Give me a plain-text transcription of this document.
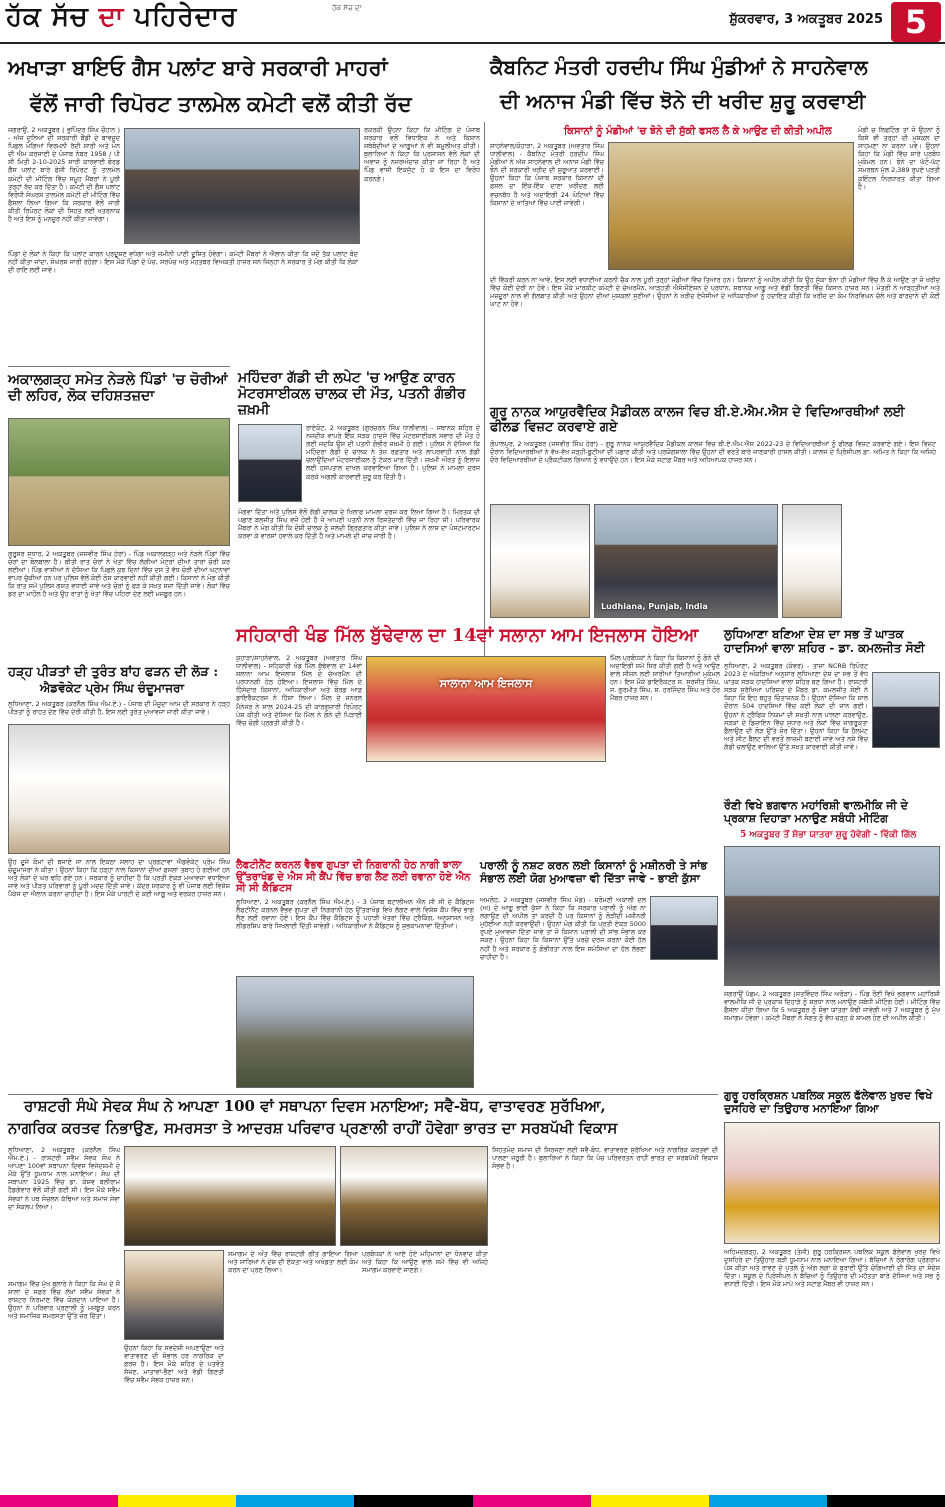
ਹੱਕ ਸੱਚ ਦਾ ਪਹਿਰੇਦਾਰ	ਹੱਕ ਸੱਚ ਦਾ
ਸ਼ੁੱਕਰਵਾਰ, 3 ਅਕਤੂਬਰ 2025 5
ਅਖਾੜਾ ਬਾਇਓ ਗੈਸ ਪਲਾਂਟ ਬਾਰੇ ਸਰਕਾਰੀ ਮਾਹਰਾਂ
ਵੱਲੋਂ ਜਾਰੀ ਰਿਪੋਰਟ ਤਾਲਮੇਲ ਕਮੇਟੀ ਵਲੋਂ ਕੀਤੀ ਰੱਦ
ਜਗਰਾਉਂ, 2 ਅਕਤੂਬਰ ( ਭੁਪਿੰਦਰ ਸਿੰਘ ਚੌਹਾਨ ) - ਅੱਜ ਦੁਨਿਆਂ ਦੀ ਸਰਕਾਰੀ ਬੌਂਡੀ ਦੇ ਬਾਵਜੂਦ ਪਿਛਲ ਮੋਗਿਆਂ ਵਿਰਮਨੀ ਰੱਦੀ ਸਾਰੀ ਅਤੇ ਮੋਨ ਦੀ ਐਮ ਕਰਜ਼ਾਈ ਦੇ ਪੰਜਾਬ ਨੰਬਰ 1958 / ਪੀ ਸੀ ਮਿਤੀ 2-10-2025 ਸਾਰੀ ਕਾਰਵਾਈ ਬੋਰਡ ਗੈਸ ਪਲਾਂਟ ਬਾਰੇ ਫੇਸੀ ਰਿਪੋਰਟ ਨੂੰ ਤਾਲਮੇਲ ਕਮੇਟੀ ਦੀ ਮੀਟਿੰਗ ਵਿੱਚ ਸਮੂਹ ਮੈਂਬਰਾਂ ਨੇ ਪੂਰੀ ਤਰ੍ਹਾਂ ਰੱਦ ਕਰ ਦਿੱਤਾ ਹੈ। ਕਮੇਟੀ ਦੀ ਗੈਸ ਪਲਾਂਟ ਵਿਰੋਧੀ ਸੰਘਰਸ਼ ਤਾਲਮੇਲ ਕਮੇਟੀ ਦੀ ਮੀਟਿੰਗ ਵਿੱਚ ਫੈਸਲਾ ਲਿਆ ਗਿਆ ਕਿ ਸਰਕਾਰ ਵੱਲੋਂ ਜਾਰੀ ਕੀਤੀ ਰਿਪੋਰਟ ਲੋਕਾਂ ਦੀ ਸਿਹਤ ਲਈ ਖਤਰਨਾਕ ਹੈ ਅਤੇ ਇਸ ਨੂੰ ਮਨਜ਼ੂਰ ਨਹੀਂ ਕੀਤਾ ਜਾਵੇਗਾ।
ਰਕਰਕੀ ਉਹਨਾ ਕਿਹਾ ਕਿ ਮੀਟਿੰਗ ਦੇ ਪੰਜਾਬ ਸਰਕਾਰ ਵਲੋਂ ਵਿਧਾਇਕ ਨੇ ਅਤੇ ਕਿਸਾਨ ਜਥੇਬੰਦੀਆਂ ਦੇ ਆਗੂਆਂ ਨੇ ਵੀ ਸ਼ਮੂਲੀਅਤ ਕੀਤੀ। ਬੁਲਾਰਿਆਂ ਨੇ ਕਿਹਾ ਕਿ ਪ੍ਰਸ਼ਾਸਨ ਵੱਲੋਂ ਲੋਕਾਂ ਦੀ ਅਵਾਜ਼ ਨੂੰ ਨਜ਼ਰਅੰਦਾਜ਼ ਕੀਤਾ ਜਾ ਰਿਹਾ ਹੈ ਅਤੇ ਪਿੰਡ ਵਾਸੀ ਇਕਜੁੱਟ ਹੋ ਕੇ ਇਸ ਦਾ ਵਿਰੋਧ ਕਰਨਗੇ।
ਪਿੰਡਾਂ ਦੇ ਲੋਕਾਂ ਨੇ ਕਿਹਾ ਕਿ ਪਲਾਂਟ ਕਾਰਨ ਪ੍ਰਦੂਸ਼ਣ ਵਧੇਗਾ ਅਤੇ ਜ਼ਮੀਨੀ ਪਾਣੀ ਦੂਸ਼ਿਤ ਹੋਵੇਗਾ। ਕਮੇਟੀ ਮੈਂਬਰਾਂ ਨੇ ਐਲਾਨ ਕੀਤਾ ਕਿ ਜਦੋਂ ਤੱਕ ਪਲਾਂਟ ਬੰਦ ਨਹੀਂ ਕੀਤਾ ਜਾਂਦਾ, ਸੰਘਰਸ਼ ਜਾਰੀ ਰਹੇਗਾ। ਇਸ ਮੌਕੇ ਪਿੰਡਾਂ ਦੇ ਪੰਚ, ਸਰਪੰਚ ਅਤੇ ਮੋਹਤਬਰ ਵਿਅਕਤੀ ਹਾਜ਼ਰ ਸਨ ਜਿਨ੍ਹਾਂ ਨੇ ਸਰਕਾਰ ਤੋਂ ਮੰਗ ਕੀਤੀ ਕਿ ਲੋਕਾਂ ਦੀ ਰਾਇ ਲਈ ਜਾਵੇ।
ਮਹਿੰਦਰਾ ਗੱਡੀ ਦੀ ਲਪੇਟ 'ਚ ਆਉਣ ਕਾਰਨ ਮੋਟਰਸਾਈਕਲ ਚਾਲਕ ਦੀ ਮੌਤ, ਪਤਨੀ ਗੰਭੀਰ ਜ਼ਖ਼ਮੀ
ਰਾਏਕੋਟ, 2 ਅਕਤੂਬਰ (ਗੁਰਚਰਨ ਸਿੰਘ ਧਾਲੀਵਾਲ) - ਸਥਾਨਕ ਸ਼ਹਿਰ ਦੇ ਨਜ਼ਦੀਕ ਵਾਪਰੇ ਇੱਕ ਸੜਕ ਹਾਦਸੇ ਵਿੱਚ ਮੋਟਰਸਾਈਕਲ ਸਵਾਰ ਦੀ ਮੌਤ ਹੋ ਗਈ ਜਦਕਿ ਉਸ ਦੀ ਪਤਨੀ ਗੰਭੀਰ ਜ਼ਖ਼ਮੀ ਹੋ ਗਈ। ਪੁਲਿਸ ਨੇ ਦੱਸਿਆ ਕਿ ਮਹਿੰਦਰਾ ਗੱਡੀ ਦੇ ਚਾਲਕ ਨੇ ਤੇਜ਼ ਰਫ਼ਤਾਰ ਅਤੇ ਲਾਪਰਵਾਹੀ ਨਾਲ ਗੱਡੀ ਚਲਾਉਂਦਿਆਂ ਮੋਟਰਸਾਈਕਲ ਨੂੰ ਟੱਕਰ ਮਾਰ ਦਿੱਤੀ। ਜ਼ਖ਼ਮੀ ਔਰਤ ਨੂੰ ਇਲਾਜ ਲਈ ਹਸਪਤਾਲ ਦਾਖਲ ਕਰਵਾਇਆ ਗਿਆ ਹੈ। ਪੁਲਿਸ ਨੇ ਮਾਮਲਾ ਦਰਜ ਕਰਕੇ ਅਗਲੀ ਕਾਰਵਾਈ ਸ਼ੁਰੂ ਕਰ ਦਿੱਤੀ ਹੈ।
ਮੰਗਵਾ ਦਿੱਤਾ ਅਤੇ ਪੁਲਿਸ ਵੱਲੋਂ ਗੱਡੀ ਚਾਲਕ ਦੇ ਖਿਲਾਫ਼ ਮਾਮਲਾ ਦਰਜ ਕਰ ਲਿਆ ਗਿਆ ਹੈ। ਮ੍ਰਿਤਕ ਦੀ ਪਛਾਣ ਬਲਜੀਤ ਸਿੰਘ ਵਜੋਂ ਹੋਈ ਹੈ ਜੋ ਆਪਣੀ ਪਤਨੀ ਨਾਲ ਰਿਸ਼ਤੇਦਾਰੀ ਵਿੱਚ ਜਾ ਰਿਹਾ ਸੀ। ਪਰਿਵਾਰਕ ਮੈਂਬਰਾਂ ਨੇ ਮੰਗ ਕੀਤੀ ਕਿ ਦੋਸ਼ੀ ਚਾਲਕ ਨੂੰ ਜਲਦੀ ਗ੍ਰਿਫ਼ਤਾਰ ਕੀਤਾ ਜਾਵੇ। ਪੁਲਿਸ ਨੇ ਲਾਸ਼ ਦਾ ਪੋਸਟਮਾਰਟਮ ਕਰਵਾ ਕੇ ਵਾਰਸਾਂ ਹਵਾਲੇ ਕਰ ਦਿੱਤੀ ਹੈ ਅਤੇ ਮਾਮਲੇ ਦੀ ਜਾਂਚ ਜਾਰੀ ਹੈ।
ਅਕਾਲਗੜ੍ਹ ਸਮੇਤ ਨੇੜਲੇ ਪਿੰਡਾਂ 'ਚ ਚੋਰੀਆਂ ਦੀ ਲਹਿਰ, ਲੋਕ ਦਹਿਸ਼ਤਜ਼ਦਾ
ਗੁਰੂਸਰ ਸੁਧਾਰ, 2 ਅਕਤੂਬਰ (ਜਸਵੀਰ ਸਿੰਘ ਹੇਰਾਂ) - ਪਿੰਡ ਅਕਾਲਗੜ੍ਹ ਅਤੇ ਨੇੜਲੇ ਪਿੰਡਾਂ ਵਿੱਚ ਚੋਰਾਂ ਦਾ ਬੋਲਬਾਲਾ ਹੈ। ਬੀਤੀ ਰਾਤ ਚੋਰਾਂ ਨੇ ਖੇਤਾਂ ਵਿੱਚ ਲੱਗੀਆਂ ਮੋਟਰਾਂ ਦੀਆਂ ਤਾਰਾਂ ਚੋਰੀ ਕਰ ਲਈਆਂ। ਪਿੰਡ ਵਾਸੀਆਂ ਨੇ ਦੱਸਿਆ ਕਿ ਪਿਛਲੇ ਕੁਝ ਦਿਨਾਂ ਵਿੱਚ ਦਸ ਤੋਂ ਵੱਧ ਚੋਰੀ ਦੀਆਂ ਘਟਨਾਵਾਂ ਵਾਪਰ ਚੁੱਕੀਆਂ ਹਨ ਪਰ ਪੁਲਿਸ ਵੱਲੋਂ ਕੋਈ ਠੋਸ ਕਾਰਵਾਈ ਨਹੀਂ ਕੀਤੀ ਗਈ। ਕਿਸਾਨਾਂ ਨੇ ਮੰਗ ਕੀਤੀ ਕਿ ਰਾਤ ਸਮੇਂ ਪੁਲਿਸ ਗਸ਼ਤ ਵਧਾਈ ਜਾਵੇ ਅਤੇ ਚੋਰਾਂ ਨੂੰ ਫੜ ਕੇ ਸਖ਼ਤ ਸਜ਼ਾ ਦਿੱਤੀ ਜਾਵੇ। ਲੋਕਾਂ ਵਿੱਚ ਡਰ ਦਾ ਮਾਹੌਲ ਹੈ ਅਤੇ ਉਹ ਰਾਤਾਂ ਨੂੰ ਖੇਤਾਂ ਵਿੱਚ ਪਹਿਰਾ ਦੇਣ ਲਈ ਮਜਬੂਰ ਹਨ।
ਹੜ੍ਹ ਪੀੜਤਾਂ ਦੀ ਤੁਰੰਤ ਬਾਂਹ ਫੜਨ ਦੀ ਲੋੜ :
ਐਡਵੋਕੇਟ ਪ੍ਰੇਮ ਸਿੰਘ ਚੰਦੂਮਾਜਰਾ
ਲੁਧਿਆਣਾ, 2 ਅਕਤੂਬਰ (ਕਰਨੈਲ ਸਿੰਘ ਐਮ.ਏ.) - ਪੰਜਾਬ ਦੀ ਮੌਜੂਦਾ ਆਮ ਦੀ ਸਰਕਾਰ ਨੇ ਹੜ੍ਹ ਪੀੜਤਾਂ ਨੂੰ ਰਾਹਤ ਦੇਣ ਵਿੱਚ ਦੇਰੀ ਕੀਤੀ ਹੈ, ਇਸ ਲਈ ਤੁਰੰਤ ਮੁਆਵਜ਼ਾ ਜਾਰੀ ਕੀਤਾ ਜਾਵੇ।
ਉਹ ਦੂਜੇ ਕੰਮਾਂ ਦੀ ਬਜਾਏ ਜਾ ਨਾਲ ਇਕਠਾ ਸਲਾਹ ਦਾ ਪ੍ਰਗਟਾਵਾ ਐਡਵੋਕੇਟ ਪ੍ਰੇਮ ਸਿੰਘ ਚੰਦੂਮਾਜਰਾ ਨੇ ਕੀਤਾ। ਉਹਨਾਂ ਕਿਹਾ ਕਿ ਹੜ੍ਹਾਂ ਨਾਲ ਕਿਸਾਨਾਂ ਦੀਆਂ ਫਸਲਾਂ ਤਬਾਹ ਹੋ ਗਈਆਂ ਹਨ ਅਤੇ ਲੋਕਾਂ ਦੇ ਘਰ ਢਹਿ ਗਏ ਹਨ। ਸਰਕਾਰ ਨੂੰ ਚਾਹੀਦਾ ਹੈ ਕਿ ਪ੍ਰਤੀ ਏਕੜ ਮੁਆਵਜ਼ਾ ਵਧਾਇਆ ਜਾਵੇ ਅਤੇ ਪੀੜਤ ਪਰਿਵਾਰਾਂ ਨੂੰ ਪੂਰੀ ਮਦਦ ਦਿੱਤੀ ਜਾਵੇ। ਕੇਂਦਰ ਸਰਕਾਰ ਨੂੰ ਵੀ ਪੰਜਾਬ ਲਈ ਵਿਸ਼ੇਸ਼ ਪੈਕੇਜ ਦਾ ਐਲਾਨ ਕਰਨਾ ਚਾਹੀਦਾ ਹੈ। ਇਸ ਮੌਕੇ ਪਾਰਟੀ ਦੇ ਕਈ ਆਗੂ ਅਤੇ ਵਰਕਰ ਹਾਜ਼ਰ ਸਨ।
ਕੈਬਨਿਟ ਮੰਤਰੀ ਹਰਦੀਪ ਸਿੰਘ ਮੁੰਡੀਆਂ ਨੇ ਸਾਹਨੇਵਾਲ
ਦੀ ਅਨਾਜ ਮੰਡੀ ਵਿੱਚ ਝੋਨੇ ਦੀ ਖਰੀਦ ਸ਼ੁਰੂ ਕਰਵਾਈ
ਕਿਸਾਨਾਂ ਨੂੰ ਮੰਡੀਆਂ 'ਚ ਝੋਨੇ ਦੀ ਸੁੱਕੀ ਫਸਲ ਲੈ ਕੇ ਆਉਣ ਦੀ ਕੀਤੀ ਅਪੀਲ
ਸਾਹਨੇਵਾਲ/ਕੋਹਾੜਾ, 2 ਅਕਤੂਬਰ (ਅਵਤਾਰ ਸਿੰਘ ਧਾਲੀਵਾਲ) - ਕੈਬਨਿਟ ਮੰਤਰੀ ਹਰਦੀਪ ਸਿੰਘ ਮੁੰਡੀਆਂ ਨੇ ਅੱਜ ਸਾਹਨੇਵਾਲ ਦੀ ਅਨਾਜ ਮੰਡੀ ਵਿੱਚ ਝੋਨੇ ਦੀ ਸਰਕਾਰੀ ਖਰੀਦ ਦੀ ਸ਼ੁਰੂਆਤ ਕਰਵਾਈ। ਉਹਨਾਂ ਕਿਹਾ ਕਿ ਪੰਜਾਬ ਸਰਕਾਰ ਕਿਸਾਨਾਂ ਦੀ ਫਸਲ ਦਾ ਇੱਕ-ਇੱਕ ਦਾਣਾ ਖਰੀਦਣ ਲਈ ਵਚਨਬੱਧ ਹੈ ਅਤੇ ਅਦਾਇਗੀ 24 ਘੰਟਿਆਂ ਵਿੱਚ ਕਿਸਾਨਾਂ ਦੇ ਖਾਤਿਆਂ ਵਿੱਚ ਪਾਈ ਜਾਵੇਗੀ।
ਮੰਡੀ ਚ ਲਿਫਟਿੰਗ ਤਾਂ ਜੋ ਉਹਨਾਂ ਨੂੰ ਕਿਸੇ ਵੀ ਤਰ੍ਹਾਂ ਦੀ ਮੁਸ਼ਕਲ ਦਾ ਸਾਹਮਣਾ ਨਾ ਕਰਨਾ ਪਵੇ। ਉਹਨਾਂ ਕਿਹਾ ਕਿ ਮੰਡੀ ਵਿੱਚ ਸਾਰੇ ਪ੍ਰਬੰਧ ਮੁਕੰਮਲ ਹਨ। ਝੋਨੇ ਦਾ ਘੱਟੋ-ਘੱਟ ਸਮਰਥਨ ਮੁੱਲ 2,389 ਰੁਪਏ ਪ੍ਰਤੀ ਕੁਇੰਟਲ ਨਿਰਧਾਰਤ ਕੀਤਾ ਗਿਆ ਹੈ।
ਦੀ ਵਿੱਕਰੀ ਕਰਨ ਨਾ ਆਵੇ, ਇਸ ਲਈ ਵਧਾਈਆਂ ਕਰਨੀ ਚੈਕ ਨਾਲ ਪੂਰੀ ਤਰ੍ਹਾਂ ਮੰਡੀਆਂ ਵਿੱਚ ਤਿਆਰ ਹਨ। ਕਿਸਾਨਾਂ ਨੂੰ ਅਪੀਲ ਕੀਤੀ ਕਿ ਉਹ ਸੁੱਕਾ ਝੋਨਾ ਹੀ ਮੰਡੀਆਂ ਵਿੱਚ ਲੈ ਕੇ ਆਉਣ ਤਾਂ ਜੋ ਖਰੀਦ ਵਿੱਚ ਕੋਈ ਦੇਰੀ ਨਾ ਹੋਵੇ। ਇਸ ਮੌਕੇ ਮਾਰਕੀਟ ਕਮੇਟੀ ਦੇ ਚੇਅਰਮੈਨ, ਆੜ੍ਹਤੀ ਐਸੋਸੀਏਸ਼ਨ ਦੇ ਪ੍ਰਧਾਨ, ਸਥਾਨਕ ਆਗੂ ਅਤੇ ਵੱਡੀ ਗਿਣਤੀ ਵਿੱਚ ਕਿਸਾਨ ਹਾਜ਼ਰ ਸਨ। ਮੰਤਰੀ ਨੇ ਆੜ੍ਹਤੀਆਂ ਅਤੇ ਮਜ਼ਦੂਰਾਂ ਨਾਲ ਵੀ ਗੱਲਬਾਤ ਕੀਤੀ ਅਤੇ ਉਹਨਾਂ ਦੀਆਂ ਮੁਸ਼ਕਲਾਂ ਸੁਣੀਆਂ। ਉਹਨਾਂ ਨੇ ਖਰੀਦ ਏਜੰਸੀਆਂ ਦੇ ਅਧਿਕਾਰੀਆਂ ਨੂੰ ਹਦਾਇਤ ਕੀਤੀ ਕਿ ਖਰੀਦ ਦਾ ਕੰਮ ਨਿਰਵਿਘਨ ਚੱਲੇ ਅਤੇ ਬਾਰਦਾਨੇ ਦੀ ਕੋਈ ਘਾਟ ਨਾ ਹੋਵੇ।
ਗੁਰੂ ਨਾਨਕ ਆਯੁਰਵੈਦਿਕ ਮੈਡੀਕਲ ਕਾਲਜ ਵਿਚ ਬੀ.ਏ.ਐਮ.ਐਸ ਦੇ ਵਿਦਿਆਰਥੀਆਂ ਲਈ ਫੀਲਡ ਵਿਜ਼ਟ ਕਰਵਾਏ ਗਏ
ਗੋਪਾਲਪੁਰ, 2 ਅਕਤੂਬਰ (ਜਸਵੀਰ ਸਿੰਘ ਹੇਰਾਂ) - ਗੁਰੂ ਨਾਨਕ ਆਯੁਰਵੈਦਿਕ ਮੈਡੀਕਲ ਕਾਲਜ ਵਿਚ ਬੀ.ਏ.ਐਮ.ਐਸ 2022-23 ਦੇ ਵਿਦਿਆਰਥੀਆਂ ਨੂੰ ਫੀਲਡ ਵਿਜ਼ਟ ਕਰਵਾਏ ਗਏ। ਇਸ ਵਿਜ਼ਟ ਦੌਰਾਨ ਵਿਦਿਆਰਥੀਆਂ ਨੇ ਵੱਖ-ਵੱਖ ਜੜ੍ਹੀ-ਬੂਟੀਆਂ ਦੀ ਪਛਾਣ ਕੀਤੀ ਅਤੇ ਪ੍ਰਯੋਗਸ਼ਾਲਾ ਵਿੱਚ ਉਹਨਾਂ ਦੀ ਵਰਤੋਂ ਬਾਰੇ ਜਾਣਕਾਰੀ ਹਾਸਲ ਕੀਤੀ। ਕਾਲਜ ਦੇ ਪ੍ਰਿੰਸੀਪਲ ਡਾ. ਅਮਿਤ ਨੇ ਕਿਹਾ ਕਿ ਅਜਿਹੇ ਦੌਰੇ ਵਿਦਿਆਰਥੀਆਂ ਦੇ ਪ੍ਰੈਕਟੀਕਲ ਗਿਆਨ ਨੂੰ ਵਧਾਉਂਦੇ ਹਨ। ਇਸ ਮੌਕੇ ਸਟਾਫ਼ ਮੈਂਬਰ ਅਤੇ ਅਧਿਆਪਕ ਹਾਜ਼ਰ ਸਨ।
Ludhiana, Punjab, India
ਲੁਧਿਆਣਾ ਬਣਿਆ ਦੇਸ਼ ਦਾ ਸਭ ਤੋਂ ਘਾਤਕ ਹਾਦਸਿਆਂ ਵਾਲਾ ਸ਼ਹਿਰ - ਡਾ. ਕਮਲਜੀਤ ਸੋਈ
ਲੁਧਿਆਣਾ, 2 ਅਕਤੂਬਰ (ਕੰਵਰ) - ਤਾਜ਼ਾ NCRB ਰਿਪੋਰਟ 2023 ਦੇ ਅੰਕੜਿਆਂ ਅਨੁਸਾਰ ਲੁਧਿਆਣਾ ਦੇਸ਼ ਦਾ ਸਭ ਤੋਂ ਵੱਧ ਘਾਤਕ ਸੜਕ ਹਾਦਸਿਆਂ ਵਾਲਾ ਸ਼ਹਿਰ ਬਣ ਗਿਆ ਹੈ। ਰਾਸ਼ਟਰੀ ਸੜਕ ਸੁਰੱਖਿਆ ਪਰਿਸ਼ਦ ਦੇ ਮੈਂਬਰ ਡਾ. ਕਮਲਜੀਤ ਸੋਈ ਨੇ ਕਿਹਾ ਕਿ ਇਹ ਬਹੁਤ ਚਿੰਤਾਜਨਕ ਹੈ। ਉਹਨਾਂ ਦੱਸਿਆ ਕਿ ਸਾਲ ਦੌਰਾਨ 504 ਹਾਦਸਿਆਂ ਵਿੱਚ ਕਈ ਲੋਕਾਂ ਦੀ ਜਾਨ ਗਈ। ਉਹਨਾਂ ਨੇ ਟ੍ਰੈਫਿਕ ਨਿਯਮਾਂ ਦੀ ਸਖ਼ਤੀ ਨਾਲ ਪਾਲਣਾ ਕਰਵਾਉਣ, ਸੜਕਾਂ ਦੇ ਡਿਜ਼ਾਇਨ ਵਿੱਚ ਸੁਧਾਰ ਅਤੇ ਲੋਕਾਂ ਵਿੱਚ ਜਾਗਰੂਕਤਾ ਫੈਲਾਉਣ ਦੀ ਲੋੜ ਉੱਤੇ ਜ਼ੋਰ ਦਿੱਤਾ। ਉਹਨਾਂ ਕਿਹਾ ਕਿ ਹੈਲਮੇਟ ਅਤੇ ਸੀਟ ਬੈਲਟ ਦੀ ਵਰਤੋਂ ਲਾਜ਼ਮੀ ਬਣਾਈ ਜਾਵੇ ਅਤੇ ਨਸ਼ੇ ਵਿੱਚ ਗੱਡੀ ਚਲਾਉਣ ਵਾਲਿਆਂ ਉੱਤੇ ਸਖ਼ਤ ਕਾਰਵਾਈ ਕੀਤੀ ਜਾਵੇ।
ਸਹਿਕਾਰੀ ਖੰਡ ਮਿੱਲ ਬੁੱਢੇਵਾਲ ਦਾ 14ਵਾਂ ਸਲਾਨਾ ਆਮ ਇਜਲਾਸ ਹੋਇਆ
ਕੁਹਾੜਾ/ਸਾਹਨੇਵਾਲ, 2 ਅਕਤੂਬਰ (ਅਵਤਾਰ ਸਿੰਘ ਧਾਲੀਵਾਲ) - ਸਹਿਕਾਰੀ ਖੰਡ ਮਿੱਲ ਬੁੱਢੇਵਾਲ ਦਾ 14ਵਾਂ ਸਲਾਨਾ ਆਮ ਇਜਲਾਸ ਮਿੱਲ ਦੇ ਚੇਅਰਮੈਨ ਦੀ ਪ੍ਰਧਾਨਗੀ ਹੇਠ ਹੋਇਆ। ਇਜਲਾਸ ਵਿੱਚ ਮਿੱਲ ਦੇ ਹਿੱਸੇਦਾਰ ਕਿਸਾਨਾਂ, ਅਧਿਕਾਰੀਆਂ ਅਤੇ ਬੋਰਡ ਆਫ਼ ਡਾਇਰੈਕਟਰਜ਼ ਨੇ ਹਿੱਸਾ ਲਿਆ। ਮਿੱਲ ਦੇ ਜਨਰਲ ਮੈਨੇਜਰ ਨੇ ਸਾਲ 2024-25 ਦੀ ਕਾਰਗੁਜ਼ਾਰੀ ਰਿਪੋਰਟ ਪੇਸ਼ ਕੀਤੀ ਅਤੇ ਦੱਸਿਆ ਕਿ ਮਿੱਲ ਨੇ ਗੰਨੇ ਦੀ ਪਿੜਾਈ ਵਿੱਚ ਚੰਗੀ ਪ੍ਰਗਤੀ ਕੀਤੀ ਹੈ।
ਸਾਲਾਨਾ ਆਮ ਇਜਲਾਸ
ਮਿੱਲ ਪ੍ਰਬੰਧਕਾਂ ਨੇ ਕਿਹਾ ਕਿ ਕਿਸਾਨਾਂ ਨੂੰ ਗੰਨੇ ਦੀ ਅਦਾਇਗੀ ਸਮੇਂ ਸਿਰ ਕੀਤੀ ਗਈ ਹੈ ਅਤੇ ਆਉਣ ਵਾਲੇ ਸੀਜ਼ਨ ਲਈ ਸਾਰੀਆਂ ਤਿਆਰੀਆਂ ਮੁਕੰਮਲ ਹਨ। ਇਸ ਮੌਕੇ ਡਾਇਰੈਕਟਰ ਸ. ਸੁਰਜੀਤ ਸਿੰਘ, ਸ. ਗੁਰਮੀਤ ਸਿੰਘ, ਸ. ਹਰਜਿੰਦਰ ਸਿੰਘ ਅਤੇ ਹੋਰ ਮੈਂਬਰ ਹਾਜ਼ਰ ਸਨ।
ਰੌਣੀ ਵਿਖੇ ਭਗਵਾਨ ਮਹਾਂਰਿਸ਼ੀ ਵਾਲਮੀਕਿ ਜੀ ਦੇ ਪ੍ਰਕਾਸ਼ ਦਿਹਾੜਾ ਮਨਾਉਣ ਸਬੰਧੀ ਮੀਟਿੰਗ
5 ਅਕਤੂਬਰ ਤੋਂ ਸ਼ੋਭਾ ਯਾਤਰਾ ਸ਼ੁਰੂ ਹੋਵੇਗੀ - ਵਿੱਕੀ ਗਿੱਲ
ਜਗਰਾਉਂ ਪੱਛਮ, 2 ਅਕਤੂਬਰ (ਸਤਵਿੰਦਰ ਸਿੰਘ ਅਰੋੜਾ) - ਪਿੰਡ ਰੌਣੀ ਵਿਖੇ ਭਗਵਾਨ ਮਹਾਂਰਿਸ਼ੀ ਵਾਲਮੀਕਿ ਜੀ ਦੇ ਪ੍ਰਕਾਸ਼ ਦਿਹਾੜੇ ਨੂੰ ਸ਼ਰਧਾ ਨਾਲ ਮਨਾਉਣ ਸਬੰਧੀ ਮੀਟਿੰਗ ਹੋਈ। ਮੀਟਿੰਗ ਵਿੱਚ ਫੈਸਲਾ ਕੀਤਾ ਗਿਆ ਕਿ 5 ਅਕਤੂਬਰ ਨੂੰ ਸ਼ੋਭਾ ਯਾਤਰਾ ਕੱਢੀ ਜਾਵੇਗੀ ਅਤੇ 7 ਅਕਤੂਬਰ ਨੂੰ ਮੁੱਖ ਸਮਾਗਮ ਹੋਵੇਗਾ। ਕਮੇਟੀ ਮੈਂਬਰਾਂ ਨੇ ਸੰਗਤ ਨੂੰ ਵੱਧ ਚੜ੍ਹ ਕੇ ਸ਼ਾਮਲ ਹੋਣ ਦੀ ਅਪੀਲ ਕੀਤੀ।
ਲੈਫਟੀਨੈਂਟ ਕਰਨਲ ਵੈਭਵ ਗੁਪਤਾ ਦੀ ਨਿਗਰਾਨੀ ਹੇਠ ਨਾਗੀ ਝਾਲਾ ਉੱਤਰਾਖੰਡ ਦੇ ਐਸ ਸੀ ਕੈਂਪ ਵਿੱਚ ਭਾਗ ਲੈਣ ਲਈ ਰਵਾਨਾ ਹੋਏ ਐਨ ਸੀ ਸੀ ਕੈਡਿਟਸ
ਲੁਧਿਆਣਾ, 2 ਅਕਤੂਬਰ (ਕਰਨੈਲ ਸਿੰਘ ਐਮ.ਏ.) - 3 ਪੰਜਾਬ ਬਟਾਲੀਅਨ ਐਨ ਸੀ ਸੀ ਦੇ ਕੈਡਿਟਸ ਲੈਫਟੀਨੈਂਟ ਕਰਨਲ ਵੈਭਵ ਗੁਪਤਾ ਦੀ ਨਿਗਰਾਨੀ ਹੇਠ ਉੱਤਰਾਖੰਡ ਵਿਖੇ ਲੱਗਣ ਵਾਲੇ ਵਿਸ਼ੇਸ਼ ਕੈਂਪ ਵਿੱਚ ਭਾਗ ਲੈਣ ਲਈ ਰਵਾਨਾ ਹੋਏ। ਇਸ ਕੈਂਪ ਵਿੱਚ ਕੈਡਿਟਸ ਨੂੰ ਪਹਾੜੀ ਖੇਤਰਾਂ ਵਿੱਚ ਟ੍ਰੈਕਿੰਗ, ਅਨੁਸ਼ਾਸਨ ਅਤੇ ਲੀਡਰਸ਼ਿਪ ਬਾਰੇ ਸਿਖਲਾਈ ਦਿੱਤੀ ਜਾਵੇਗੀ। ਅਧਿਕਾਰੀਆਂ ਨੇ ਕੈਡਿਟਸ ਨੂੰ ਸ਼ੁਭਕਾਮਨਾਵਾਂ ਦਿੱਤੀਆਂ।
ਪਰਾਲੀ ਨੂੰ ਨਸ਼ਟ ਕਰਨ ਲਈ ਕਿਸਾਨਾਂ ਨੂੰ ਮਸ਼ੀਨਰੀ ਤੇ ਸਾਂਭ ਸੰਭਾਲ ਲਈ ਯੋਗ ਮੁਆਵਜ਼ਾ ਵੀ ਦਿੱਤਾ ਜਾਵੇ - ਭਾਈ ਕੁੱਸਾ
ਅਮਲੋਹ, 2 ਅਕਤੂਬਰ (ਜਸਵੀਰ ਸਿੰਘ ਮੰਡ) - ਸ਼੍ਰੋਮਣੀ ਅਕਾਲੀ ਦਲ (ਅ) ਦੇ ਆਗੂ ਭਾਈ ਕੁੱਸਾ ਨੇ ਕਿਹਾ ਕਿ ਸਰਕਾਰ ਪਰਾਲੀ ਨੂੰ ਅੱਗ ਨਾ ਲਗਾਉਣ ਦੀ ਅਪੀਲ ਤਾਂ ਕਰਦੀ ਹੈ ਪਰ ਕਿਸਾਨਾਂ ਨੂੰ ਲੋੜੀਂਦੀ ਮਸ਼ੀਨਰੀ ਮੁਹੱਈਆ ਨਹੀਂ ਕਰਵਾਉਂਦੀ। ਉਹਨਾਂ ਮੰਗ ਕੀਤੀ ਕਿ ਪ੍ਰਤੀ ਏਕੜ 5000 ਰੁਪਏ ਮੁਆਵਜ਼ਾ ਦਿੱਤਾ ਜਾਵੇ ਤਾਂ ਜੋ ਕਿਸਾਨ ਪਰਾਲੀ ਦੀ ਸਾਂਭ ਸੰਭਾਲ ਕਰ ਸਕਣ। ਉਹਨਾਂ ਕਿਹਾ ਕਿ ਕਿਸਾਨਾਂ ਉੱਤੇ ਪਰਚੇ ਦਰਜ ਕਰਨਾ ਕੋਈ ਹੱਲ ਨਹੀਂ ਹੈ ਅਤੇ ਸਰਕਾਰ ਨੂੰ ਗੰਭੀਰਤਾ ਨਾਲ ਇਸ ਸਮੱਸਿਆ ਦਾ ਹੱਲ ਲੱਭਣਾ ਚਾਹੀਦਾ ਹੈ।
ਗੁਰੂ ਹਰਕ੍ਰਿਸ਼ਨ ਪਬਲਿਕ ਸਕੂਲ ਫੱਲੇਵਾਲ ਖੁਰਦ ਵਿਖੇ ਦੁਸਹਿਰੇ ਦਾ ਤਿਉਹਾਰ ਮਨਾਇਆ ਗਿਆ
ਅਹਿਮਦਗੜ੍ਹ, 2 ਅਕਤੂਬਰ (ਤੇਜੀ) ਗੁਰੂ ਹਰਕ੍ਰਿਸ਼ਨ ਪਬਲਿਕ ਸਕੂਲ ਫੱਲੇਵਾਲ ਖੁਰਦ ਵਿਖੇ ਦੁਸਹਿਰੇ ਦਾ ਤਿਉਹਾਰ ਬੜੀ ਧੂਮਧਾਮ ਨਾਲ ਮਨਾਇਆ ਗਿਆ। ਬੱਚਿਆਂ ਨੇ ਰੰਗਾਰੰਗ ਪ੍ਰੋਗਰਾਮ ਪੇਸ਼ ਕੀਤਾ ਅਤੇ ਰਾਵਣ ਦੇ ਪੁਤਲੇ ਨੂੰ ਅੱਗ ਲਗਾ ਕੇ ਬੁਰਾਈ ਉੱਤੇ ਚੰਗਿਆਈ ਦੀ ਜਿੱਤ ਦਾ ਸੰਦੇਸ਼ ਦਿੱਤਾ। ਸਕੂਲ ਦੇ ਪ੍ਰਿੰਸੀਪਲ ਨੇ ਬੱਚਿਆਂ ਨੂੰ ਤਿਉਹਾਰ ਦੀ ਮਹੱਤਤਾ ਬਾਰੇ ਦੱਸਿਆ ਅਤੇ ਸਭ ਨੂੰ ਵਧਾਈ ਦਿੱਤੀ। ਇਸ ਮੌਕੇ ਮਾਪੇ ਅਤੇ ਸਟਾਫ਼ ਮੈਂਬਰ ਵੀ ਹਾਜ਼ਰ ਸਨ।
ਰਾਸ਼ਟਰੀ ਸੰਘੇ ਸੇਵਕ ਸੰਘ ਨੇ ਆਪਣਾ 100 ਵਾਂ ਸਥਾਪਨਾ ਦਿਵਸ ਮਨਾਇਆ; ਸਵੈ-ਬੋਧ, ਵਾਤਾਵਰਣ ਸੁਰੱਖਿਆ,
ਨਾਗਰਿਕ ਕਰਤਵ ਨਿਭਾਉਣ, ਸਮਰਸਤਾ ਤੇ ਆਦਰਸ਼ ਪਰਿਵਾਰ ਪ੍ਰਣਾਲੀ ਰਾਹੀਂ ਹੋਵੇਗਾ ਭਾਰਤ ਦਾ ਸਰਬਪੱਖੀ ਵਿਕਾਸ
ਲੁਧਿਆਣਾ, 2 ਅਕਤੂਬਰ (ਕਰਨੈਲ ਸਿੰਘ ਐਮ.ਏ.) - ਰਾਸ਼ਟਰੀ ਸਵੈਮ ਸੇਵਕ ਸੰਘ ਨੇ ਆਪਣਾ 100ਵਾਂ ਸਥਾਪਨਾ ਦਿਵਸ ਵਿਜੇਦਸ਼ਮੀ ਦੇ ਮੌਕੇ ਉੱਤੇ ਧੂਮਧਾਮ ਨਾਲ ਮਨਾਇਆ। ਸੰਘ ਦੀ ਸਥਾਪਨਾ 1925 ਵਿੱਚ ਡਾ. ਕੇਸ਼ਵ ਬਲੀਰਾਮ ਹੈਡਗੇਵਾਰ ਵੱਲੋਂ ਕੀਤੀ ਗਈ ਸੀ। ਇਸ ਮੌਕੇ ਸਵੈਮ ਸੇਵਕਾਂ ਨੇ ਪਥ ਸੰਚਲਨ ਕੱਢਿਆ ਅਤੇ ਸਮਾਜ ਸੇਵਾ ਦਾ ਸੰਕਲਪ ਲਿਆ।
ਸਿਹਤਮੰਦ ਸਮਾਜ ਦੀ ਸਿਰਜਣਾ ਲਈ ਸਵੈ-ਬੋਧ, ਵਾਤਾਵਰਣ ਸੁਰੱਖਿਆ ਅਤੇ ਨਾਗਰਿਕ ਕਰਤਵਾਂ ਦੀ ਪਾਲਣਾ ਜ਼ਰੂਰੀ ਹੈ। ਬੁਲਾਰਿਆਂ ਨੇ ਕਿਹਾ ਕਿ ਪੰਚ ਪਰਿਵਰਤਨ ਰਾਹੀਂ ਭਾਰਤ ਦਾ ਸਰਬਪੱਖੀ ਵਿਕਾਸ ਸੰਭਵ ਹੈ।
ਸਮਾਗਮ ਵਿੱਚ ਮੁੱਖ ਬੁਲਾਰੇ ਨੇ ਕਿਹਾ ਕਿ ਸੰਘ ਦੇ ਸੌ ਸਾਲਾਂ ਦੇ ਸਫ਼ਰ ਵਿੱਚ ਲੱਖਾਂ ਸਵੈਮ ਸੇਵਕਾਂ ਨੇ ਰਾਸ਼ਟਰ ਨਿਰਮਾਣ ਵਿੱਚ ਯੋਗਦਾਨ ਪਾਇਆ ਹੈ। ਉਹਨਾਂ ਨੇ ਪਰਿਵਾਰ ਪ੍ਰਣਾਲੀ ਨੂੰ ਮਜ਼ਬੂਤ ਕਰਨ ਅਤੇ ਸਮਾਜਿਕ ਸਮਰਸਤਾ ਉੱਤੇ ਜ਼ੋਰ ਦਿੱਤਾ।
ਉਹਨਾਂ ਕਿਹਾ ਕਿ ਸਵਦੇਸ਼ੀ ਅਪਣਾਉਣਾ ਅਤੇ ਵਾਤਾਵਰਣ ਦੀ ਸੰਭਾਲ ਹਰ ਨਾਗਰਿਕ ਦਾ ਫ਼ਰਜ਼ ਹੈ। ਇਸ ਮੌਕੇ ਸ਼ਹਿਰ ਦੇ ਪਤਵੰਤੇ ਸੱਜਣ, ਮਾਤਾਵਾਂ-ਭੈਣਾਂ ਅਤੇ ਵੱਡੀ ਗਿਣਤੀ ਵਿੱਚ ਸਵੈਮ ਸੇਵਕ ਹਾਜ਼ਰ ਸਨ।
ਸਮਾਗਮ ਦੇ ਅੰਤ ਵਿੱਚ ਰਾਸ਼ਟਰੀ ਗੀਤ ਗਾਇਆ ਗਿਆ ਅਤੇ ਸਾਰਿਆਂ ਨੇ ਦੇਸ਼ ਦੀ ਏਕਤਾ ਅਤੇ ਅਖੰਡਤਾ ਲਈ ਕੰਮ ਕਰਨ ਦਾ ਪ੍ਰਣ ਲਿਆ।
ਪ੍ਰਬੰਧਕਾਂ ਨੇ ਆਏ ਹੋਏ ਮਹਿਮਾਨਾਂ ਦਾ ਧੰਨਵਾਦ ਕੀਤਾ ਅਤੇ ਕਿਹਾ ਕਿ ਆਉਣ ਵਾਲੇ ਸਮੇਂ ਵਿੱਚ ਵੀ ਅਜਿਹੇ ਸਮਾਗਮ ਕਰਵਾਏ ਜਾਣਗੇ।
